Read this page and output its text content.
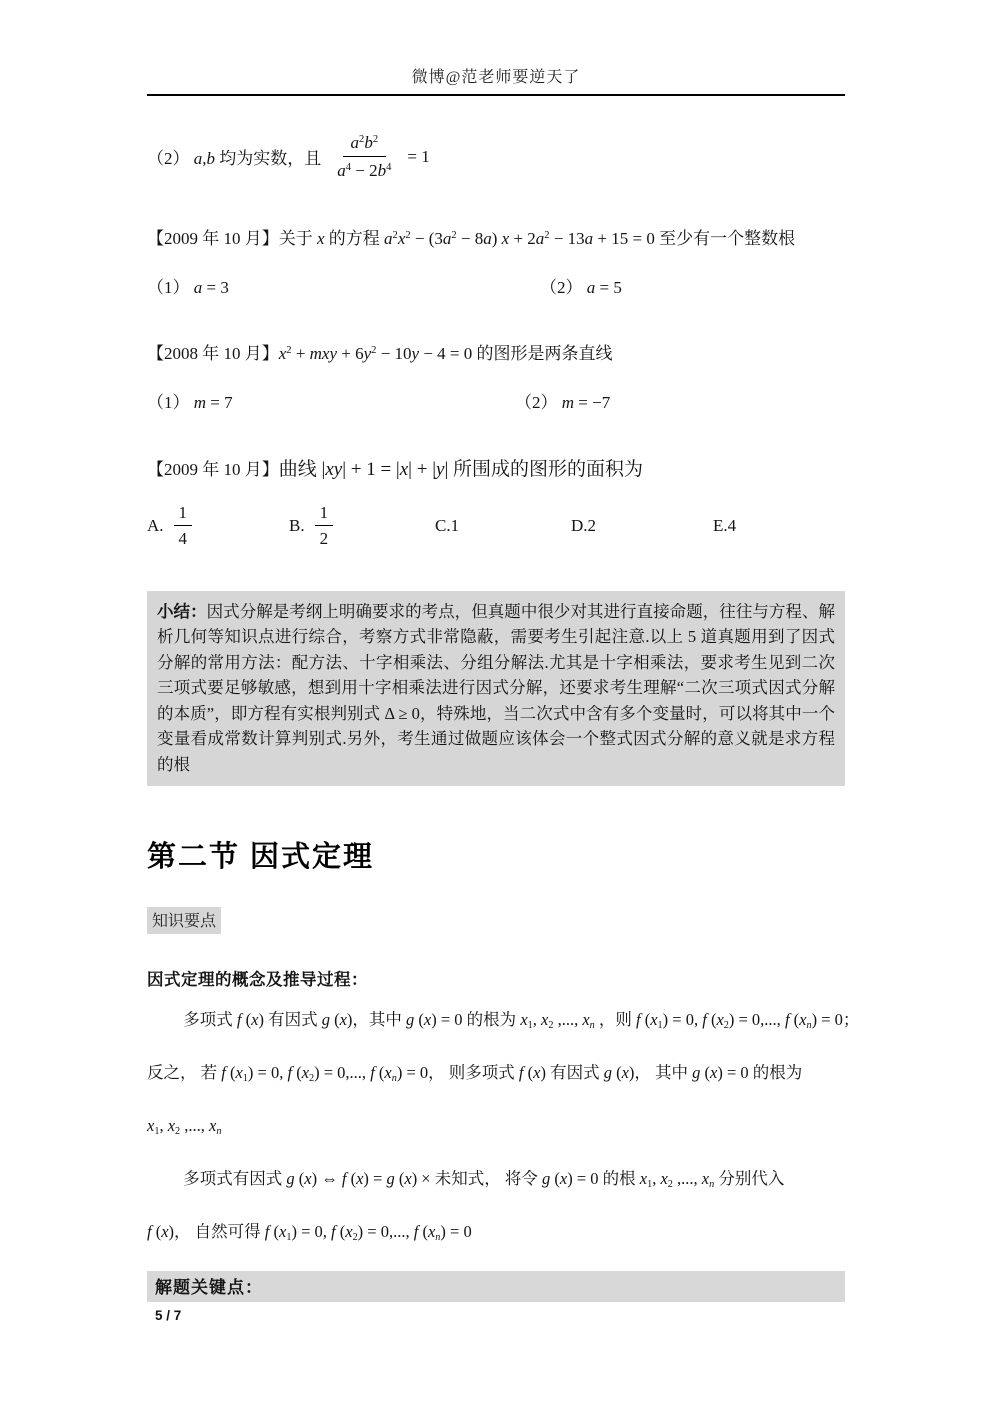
微博@范老师要逆天了
（2） a,b 均为实数，且 $\frac{a^2b^2}{a^4 - 2b^4} = 1$
【2009 年 10 月】关于 x 的方程 $a^2x^2 - (3a^2 - 8a) x + 2a^2 - 13a + 15 = 0$ 至少有一个整数根
（1） a = 3	（2） a = 5
【2008 年 10 月】$x^2$ + mxy + $6y^2 - 10y - 4 = 0$ 的图形是两条直线
（1） m = 7	（2） m = −7
【2009 年 10 月】曲线 |xy| + 1 = |x| + |y| 所围成的图形的面积为
A. $\frac{1}{4}$	B. $\frac{1}{2}$	C.1	D.2	E.4
小结：因式分解是考纲上明确要求的考点，但真题中很少对其进行直接命题，往往与方程、解析几何等知识点进行综合，考察方式非常隐蔽，需要考生引起注意.以上 5 道真题用到了因式分解的常用方法：配方法、十字相乘法、分组分解法.尤其是十字相乘法，要求考生见到二次三项式要足够敏感，想到用十字相乘法进行因式分解，还要求考生理解“二次三项式因式分解的本质”，即方程有实根判别式 Δ ≥ 0，特殊地，当二次式中含有多个变量时，可以将其中一个变量看成常数计算判别式.另外，考生通过做题应该体会一个整式因式分解的意义就是求方程的根
第二节 因式定理
知识要点
因式定理的概念及推导过程：

多项式 f (x) 有因式 g (x)，其中 g (x) = 0 的根为 $x_1$, $x_2$ ,..., $x_n$ ，则 f $(x_1) = 0$, f $(x_2) = 0$,..., f $(x_n) = 0$；

反之， 若 f $(x_1) = 0$, f $(x_2) = 0$,..., f $(x_n) = 0$， 则多项式 f (x) 有因式 g (x)， 其中 g (x) = 0 的根为

$x_1$, $x_2$ ,..., $x_n$

多项式有因式 g (x) ⇔ f (x) = g (x) × 未知式， 将令 g (x) = 0 的根 $x_1$, $x_2$ ,..., $x_n$ 分别代入

f (x)， 自然可得 f $(x_1) = 0$, f $(x_2) = 0$,..., f $(x_n) = 0$

解题关键点：
5 / 7
